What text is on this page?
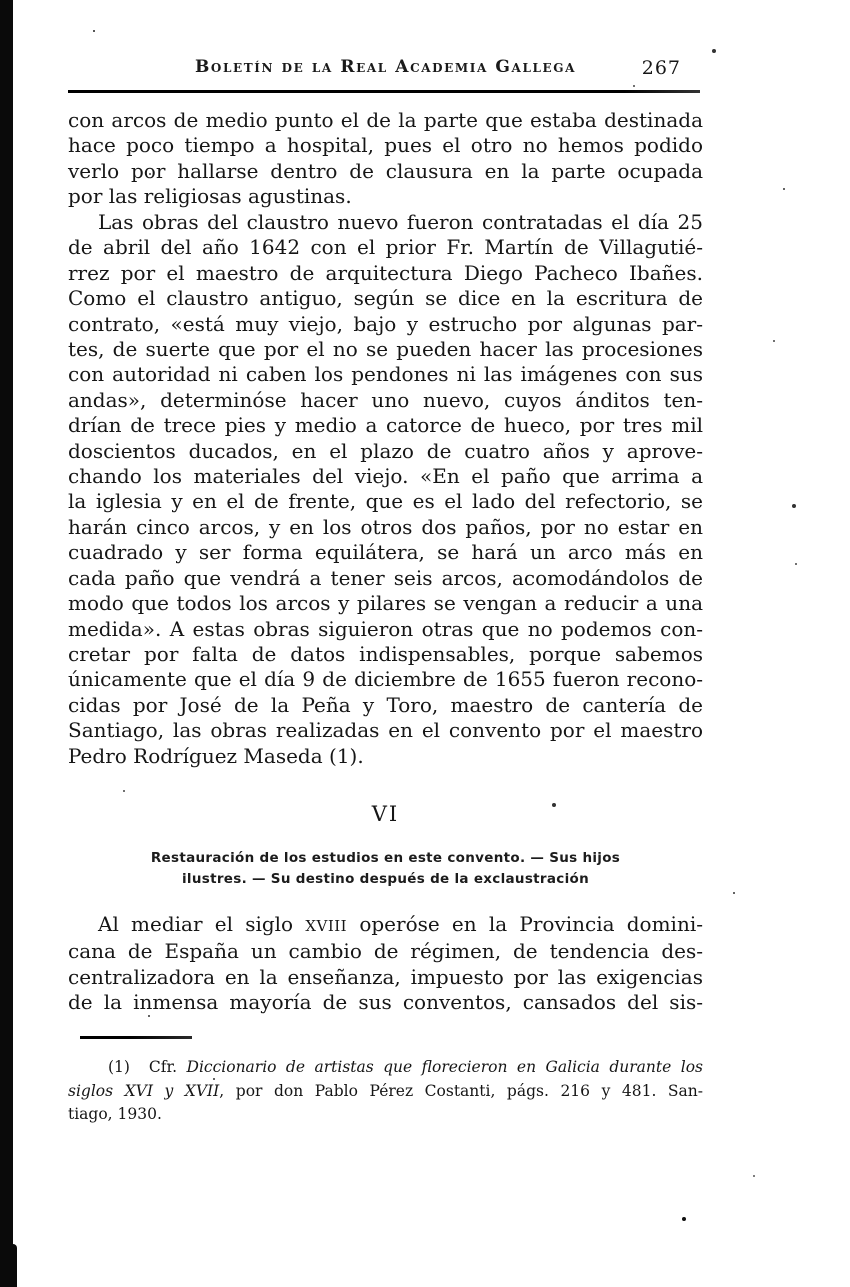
Boletín de la Real Academia Gallega	267
con arcos de medio punto el de la parte que estaba destinada
hace poco tiempo a hospital, pues el otro no hemos podido
verlo por hallarse dentro de clausura en la parte ocupada
por las religiosas agustinas.
Las obras del claustro nuevo fueron contratadas el día 25
de abril del año 1642 con el prior Fr. Martín de Villagutié-
rrez por el maestro de arquitectura Diego Pacheco Ibañes.
Como el claustro antiguo, según se dice en la escritura de
contrato, «está muy viejo, bajo y estrucho por algunas par-
tes, de suerte que por el no se pueden hacer las procesiones
con autoridad ni caben los pendones ni las imágenes con sus
andas», determinóse hacer uno nuevo, cuyos ánditos ten-
drían de trece pies y medio a catorce de hueco, por tres mil
doscientos ducados, en el plazo de cuatro años y aprove-
chando los materiales del viejo. «En el paño que arrima a
la iglesia y en el de frente, que es el lado del refectorio, se
harán cinco arcos, y en los otros dos paños, por no estar en
cuadrado y ser forma equilátera, se hará un arco más en
cada paño que vendrá a tener seis arcos, acomodándolos de
modo que todos los arcos y pilares se vengan a reducir a una
medida». A estas obras siguieron otras que no podemos con-
cretar por falta de datos indispensables, porque sabemos
únicamente que el día 9 de diciembre de 1655 fueron recono-
cidas por José de la Peña y Toro, maestro de cantería de
Santiago, las obras realizadas en el convento por el maestro
Pedro Rodríguez Maseda (1).
VI
Restauración de los estudios en este convento. — Sus hijos
ilustres. — Su destino después de la exclaustración
Al mediar el siglo XVIII operóse en la Provincia domini-
cana de España un cambio de régimen, de tendencia des-
centralizadora en la enseñanza, impuesto por las exigencias
de la inmensa mayoría de sus conventos, cansados del sis-
(1)  Cfr. Diccionario de artistas que florecieron en Galicia durante los
siglos XVI y XVII, por don Pablo Pérez Costanti, págs. 216 y 481. San-
tiago, 1930.
